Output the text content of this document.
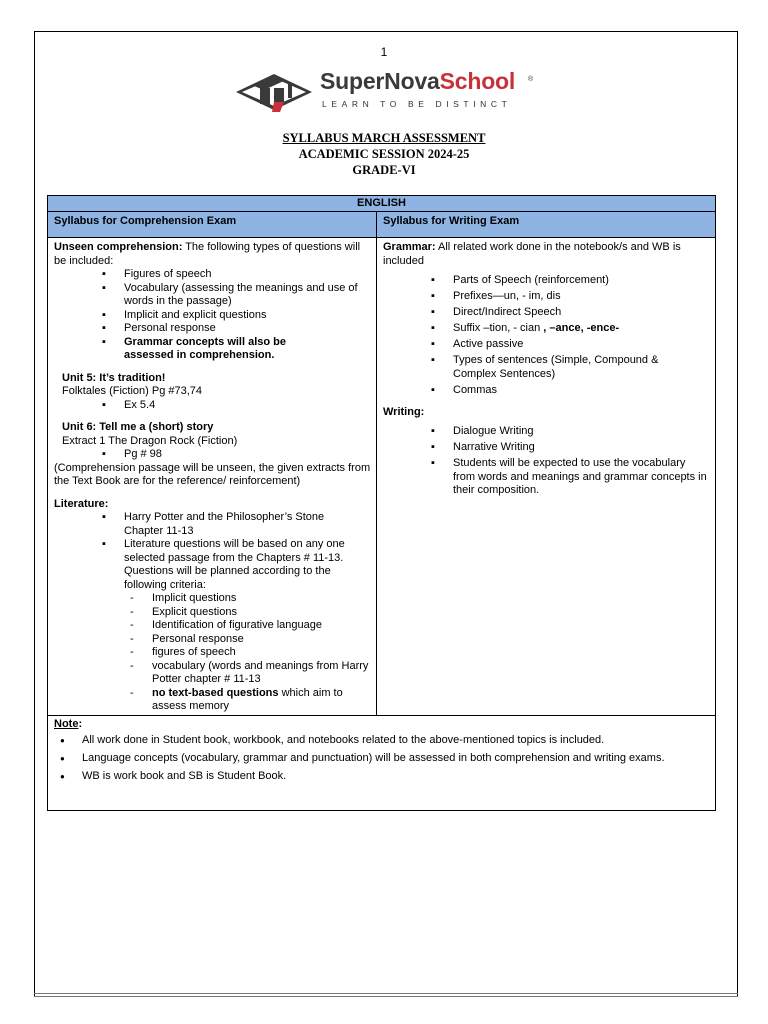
1
SuperNovaSchool ®
LEARN TO BE DISTINCT
SYLLABUS MARCH ASSESSMENT
ACADEMIC SESSION 2024-25
GRADE-VI
ENGLISH
Syllabus for Comprehension Exam	Syllabus for Writing Exam
Unseen comprehension: The following types of questions will be included:
▪ Figures of speech
▪ Vocabulary (assessing the meanings and use of words in the passage)
▪ Implicit and explicit questions
▪ Personal response
▪ Grammar concepts will also be assessed in comprehension.
Unit 5: It’s tradition!
Folktales (Fiction) Pg #73,74
▪ Ex 5.4
Unit 6: Tell me a (short) story
Extract 1 The Dragon Rock (Fiction)
▪ Pg # 98
(Comprehension passage will be unseen, the given extracts from the Text Book are for the reference/ reinforcement)
Literature:
▪ Harry Potter and the Philosopher’s Stone Chapter 11-13
▪ Literature questions will be based on any one selected passage from the Chapters # 11-13. Questions will be planned according to the following criteria:
- Implicit questions
- Explicit questions
- Identification of figurative language
- Personal response
- figures of speech
- vocabulary (words and meanings from Harry Potter chapter # 11-13
- no text-based questions which aim to assess memory
Grammar: All related work done in the notebook/s and WB is included
▪ Parts of Speech (reinforcement)
▪ Prefixes—un, - im, dis
▪ Direct/Indirect Speech
▪ Suffix –tion, - cian , –ance, -ence-
▪ Active passive
▪ Types of sentences (Simple, Compound & Complex Sentences)
▪ Commas
Writing:
▪ Dialogue Writing
▪ Narrative Writing
▪ Students will be expected to use the vocabulary from words and meanings and grammar concepts in their composition.
Note:
● All work done in Student book, workbook, and notebooks related to the above-mentioned topics is included.
● Language concepts (vocabulary, grammar and punctuation) will be assessed in both comprehension and writing exams.
● WB is work book and SB is Student Book.
